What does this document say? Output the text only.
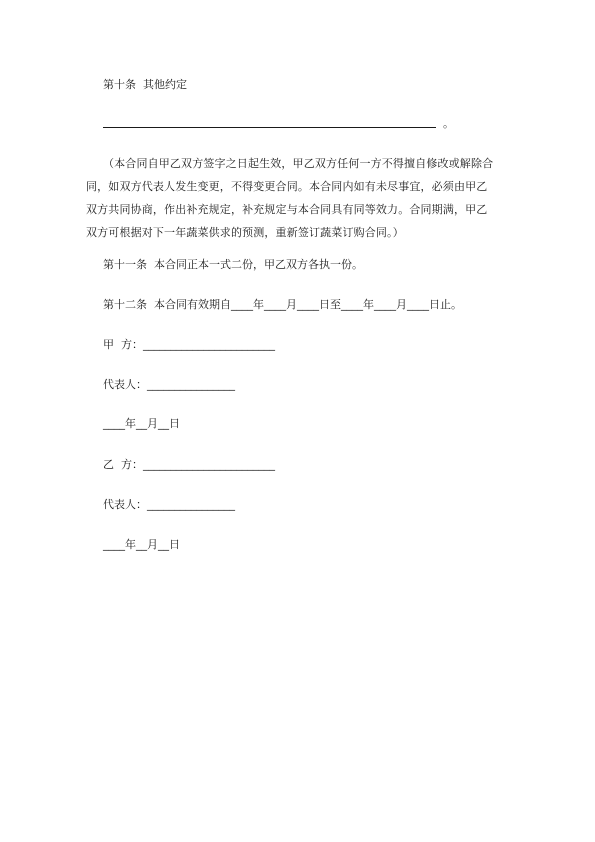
第十条  其他约定
。
（本合同自甲乙双方签字之日起生效，甲乙双方任何一方不得擅自修改或解除合同，如双方代表人发生变更，不得变更合同。本合同内如有未尽事宜，必须由甲乙双方共同协商，作出补充规定，补充规定与本合同具有同等效力。合同期满，甲乙双方可根据对下一年蔬菜供求的预测，重新签订蔬菜订购合同。）
第十一条  本合同正本一式二份，甲乙双方各执一份。
第十二条  本合同有效期自____年____月____日至____年____月____日止。
甲  方：________________________
代表人：________________
____年__月__日
乙  方：________________________
代表人：________________
____年__月__日
